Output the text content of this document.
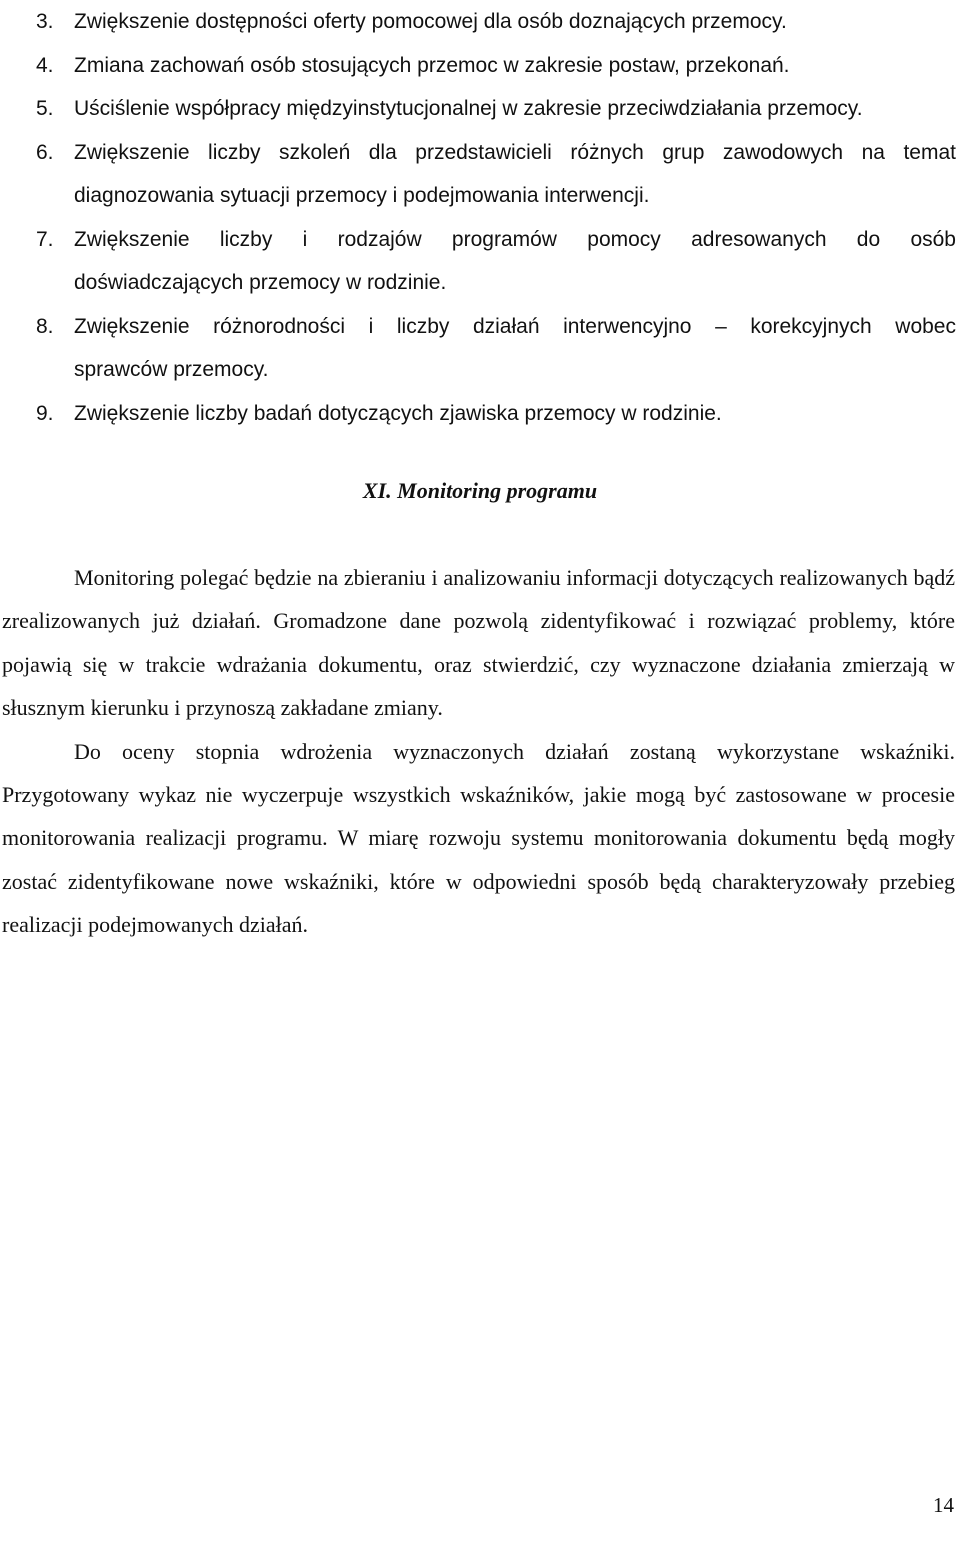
3. Zwiększenie dostępności oferty pomocowej dla osób doznających przemocy.
4. Zmiana zachowań osób stosujących przemoc w zakresie postaw, przekonań.
5. Uściślenie współpracy międzyinstytucjonalnej w zakresie przeciwdziałania przemocy.
6. Zwiększenie liczby szkoleń dla przedstawicieli różnych grup zawodowych na temat
diagnozowania sytuacji przemocy i podejmowania interwencji.
7. Zwiększenie liczby i rodzajów programów pomocy adresowanych do osób
doświadczających przemocy w rodzinie.
8. Zwiększenie różnorodności i liczby działań interwencyjno – korekcyjnych wobec
sprawców przemocy.
9. Zwiększenie liczby badań dotyczących zjawiska przemocy w rodzinie.
XI. Monitoring programu

Monitoring polegać będzie na zbieraniu i analizowaniu informacji dotyczących realizowanych bądź zrealizowanych już działań. Gromadzone dane pozwolą zidentyfikować i rozwiązać problemy, które pojawią się w trakcie wdrażania dokumentu, oraz stwierdzić, czy wyznaczone działania zmierzają w słusznym kierunku i przynoszą zakładane zmiany.

Do oceny stopnia wdrożenia wyznaczonych działań zostaną wykorzystane wskaźniki. Przygotowany wykaz nie wyczerpuje wszystkich wskaźników, jakie mogą być zastosowane w procesie monitorowania realizacji programu. W miarę rozwoju systemu monitorowania dokumentu będą mogły zostać zidentyfikowane nowe wskaźniki, które w odpowiedni sposób będą charakteryzowały przebieg realizacji podejmowanych działań.

14
